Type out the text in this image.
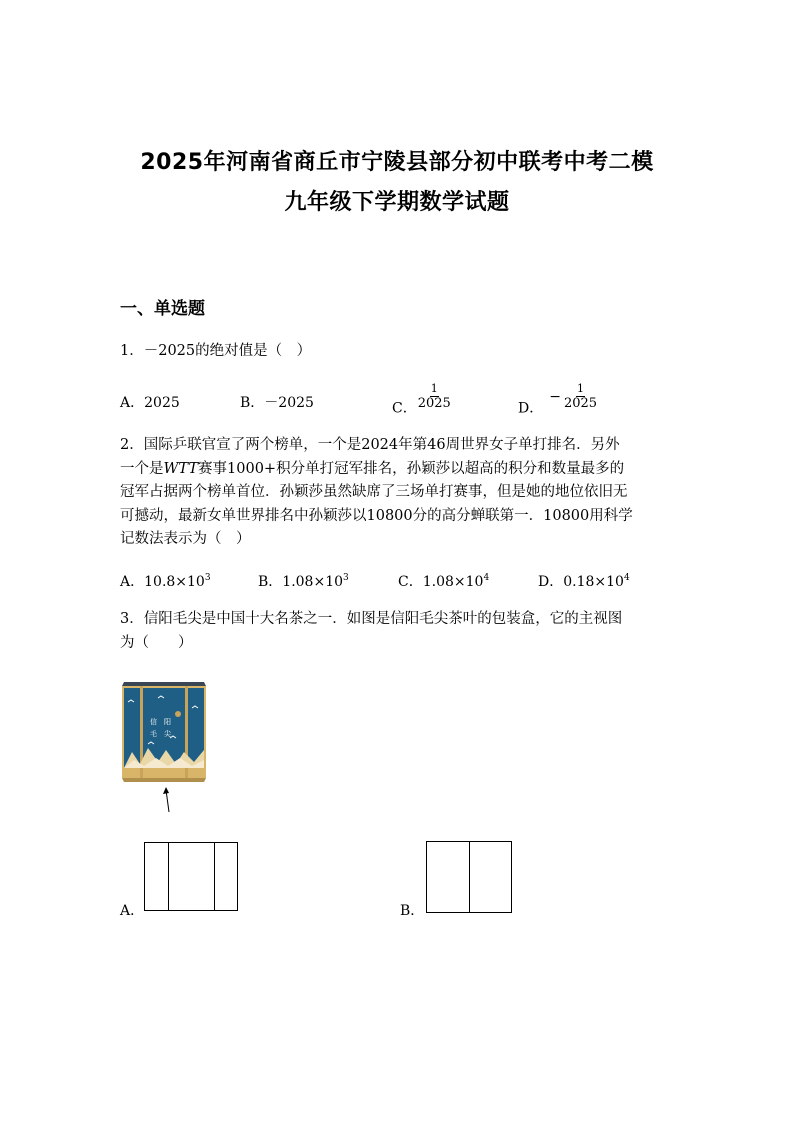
2025年河南省商丘市宁陵县部分初中联考中考二模
九年级下学期数学试题
一、单选题
1．－2025的绝对值是（　）
A．2025	B．－2025	C． $\frac{1}{2025}$	D．− $\frac{1}{2025}$
2．国际乒联官宣了两个榜单，一个是2024年第46周世界女子单打排名．另外
一个是WTT赛事1000+积分单打冠军排名，孙颖莎以超高的积分和数量最多的
冠军占据两个榜单首位．孙颖莎虽然缺席了三场单打赛事，但是她的地位依旧无
可撼动，最新女单世界排名中孙颖莎以10800分的高分蝉联第一．10800用科学
记数法表示为（　）
A．$10.8\times 10^3$	B．$1.08\times 10^3$	C．$1.08\times 10^4$	D．$0.18\times 10^4$
3．信阳毛尖是中国十大名茶之一．如图是信阳毛尖茶叶的包装盒，它的主视图
为（　　）
信 阳
毛 尖
A．	B．
